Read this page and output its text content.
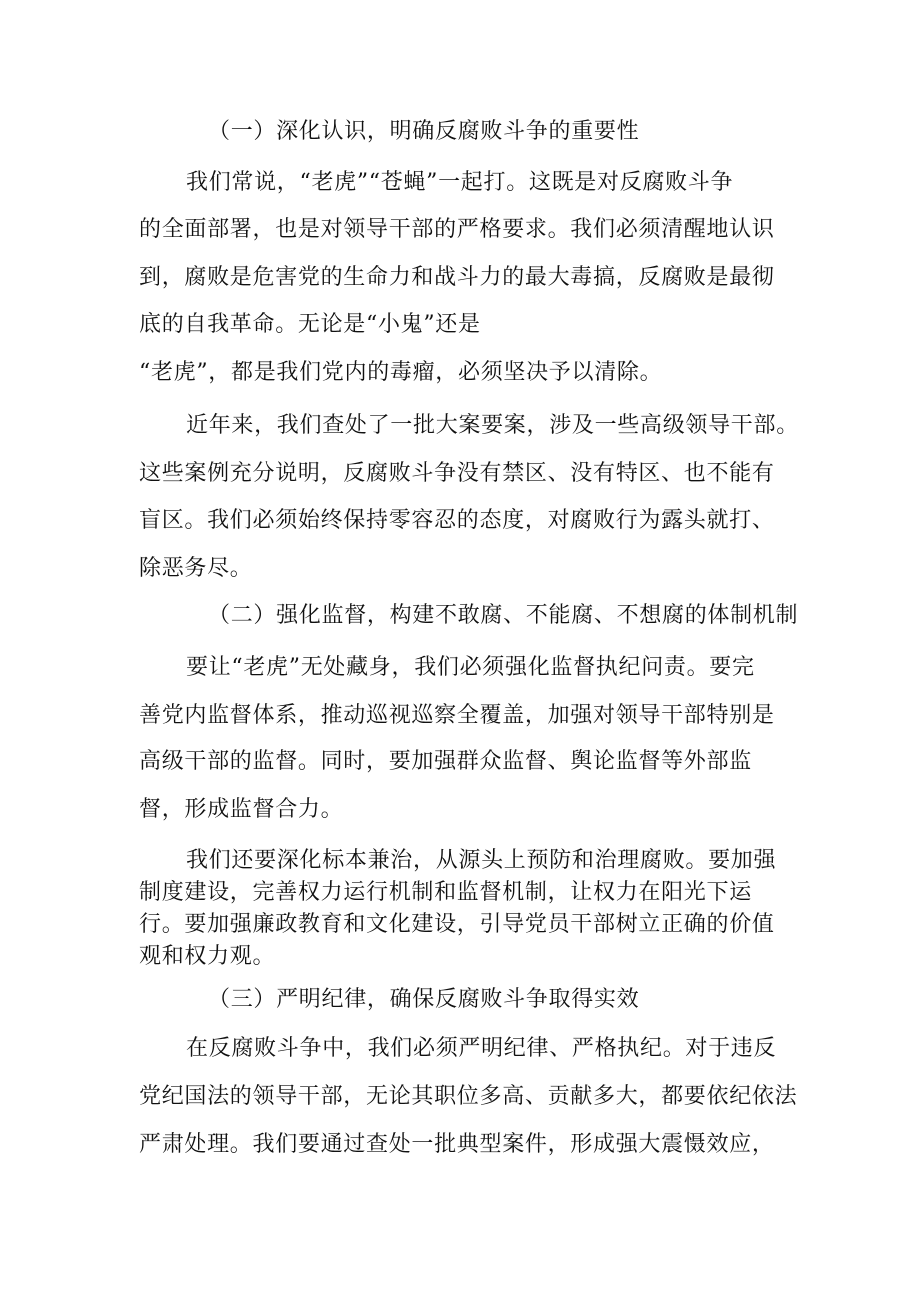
（一）深化认识，明确反腐败斗争的重要性
我们常说，“老虎”“苍蝇”一起打。这既是对反腐败斗争
的全面部署，也是对领导干部的严格要求。我们必须清醒地认识
到，腐败是危害党的生命力和战斗力的最大毒搞，反腐败是最彻
底的自我革命。无论是“小鬼”还是
“老虎”，都是我们党内的毒瘤，必须坚决予以清除。
近年来，我们查处了一批大案要案，涉及一些高级领导干部。
这些案例充分说明，反腐败斗争没有禁区、没有特区、也不能有
盲区。我们必须始终保持零容忍的态度，对腐败行为露头就打、
除恶务尽。
（二）强化监督，构建不敢腐、不能腐、不想腐的体制机制
要让“老虎”无处藏身，我们必须强化监督执纪问责。要完
善党内监督体系，推动巡视巡察全覆盖，加强对领导干部特别是
高级干部的监督。同时，要加强群众监督、舆论监督等外部监
督，形成监督合力。
我们还要深化标本兼治，从源头上预防和治理腐败。要加强
制度建设，完善权力运行机制和监督机制，让权力在阳光下运
行。要加强廉政教育和文化建设，引导党员干部树立正确的价值
观和权力观。
（三）严明纪律，确保反腐败斗争取得实效
在反腐败斗争中，我们必须严明纪律、严格执纪。对于违反
党纪国法的领导干部，无论其职位多高、贡献多大，都要依纪依法
严肃处理。我们要通过查处一批典型案件，形成强大震慑效应，
